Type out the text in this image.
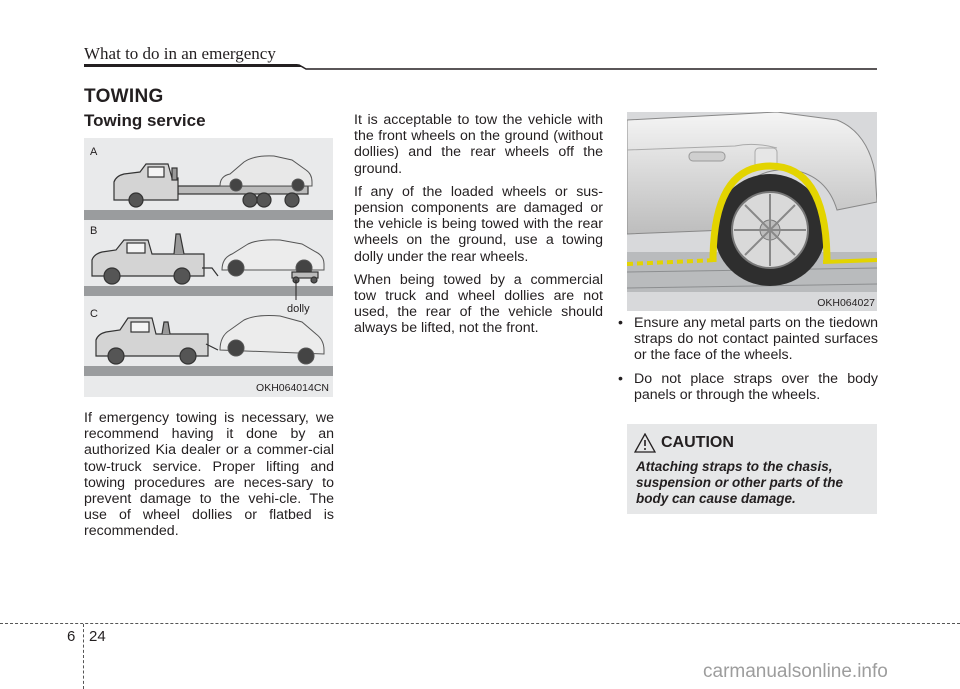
What to do in an emergency
TOWING
Towing service
A
B
C	dolly
OKH064014CN

If emergency towing is necessary, we recommend having it done by an authorized Kia dealer or a commer-cial tow-truck service. Proper lifting and towing procedures are neces-sary to prevent damage to the vehi-cle. The use of wheel dollies or flatbed is recommended.

It is acceptable to tow the vehicle with the front wheels on the ground (without dollies) and the rear wheels off the ground.

If any of the loaded wheels or sus-pension components are damaged or the vehicle is being towed with the rear wheels on the ground, use a towing dolly under the rear wheels.

When being towed by a commercial tow truck and wheel dollies are not used, the rear of the vehicle should always be lifted, not the front.

OKH064027
• Ensure any metal parts on the tiedown straps do not contact painted surfaces or the face of the wheels.
• Do not place straps over the body panels or through the wheels.
CAUTION
Attaching straps to the chasis, suspension or other parts of the body can cause damage.
6 24
carmanualsonline.info
